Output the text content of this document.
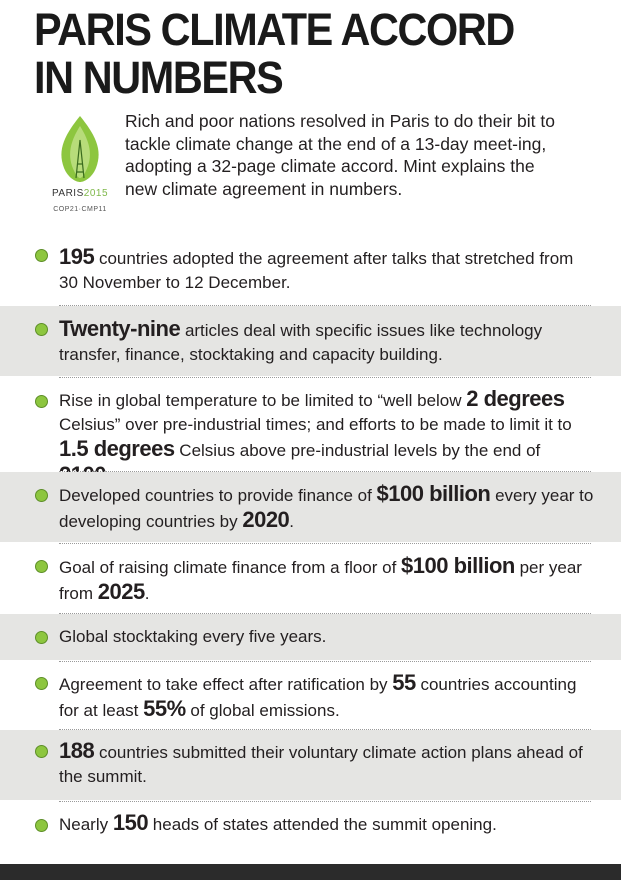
PARIS CLIMATE ACCORD
IN NUMBERS
PARIS2015
COP21·CMP11

Rich and poor nations resolved in Paris to do their bit to tackle climate change at the end of a 13-day meet-ing, adopting a 32-page climate accord. Mint explains the new climate agreement in numbers.

195 countries adopted the agreement after talks that stretched from 30 November to 12 December.
Twenty-nine articles deal with specific issues like technology transfer, finance, stocktaking and capacity building.
Rise in global temperature to be limited to “well below 2 degrees Celsius” over pre-industrial times; and efforts to be made to limit it to 1.5 degrees Celsius above pre-industrial levels by the end of
Developed countries to provide finance of $100 billion every year to developing countries by 2020.
Goal of raising climate finance from a floor of $100 billion per year from 2025.
Global stocktaking every five years.
Agreement to take effect after ratification by 55 countries accounting for at least 55% of global emissions.
188 countries submitted their voluntary climate action plans ahead of the summit.
Nearly 150 heads of states attended the summit opening.
